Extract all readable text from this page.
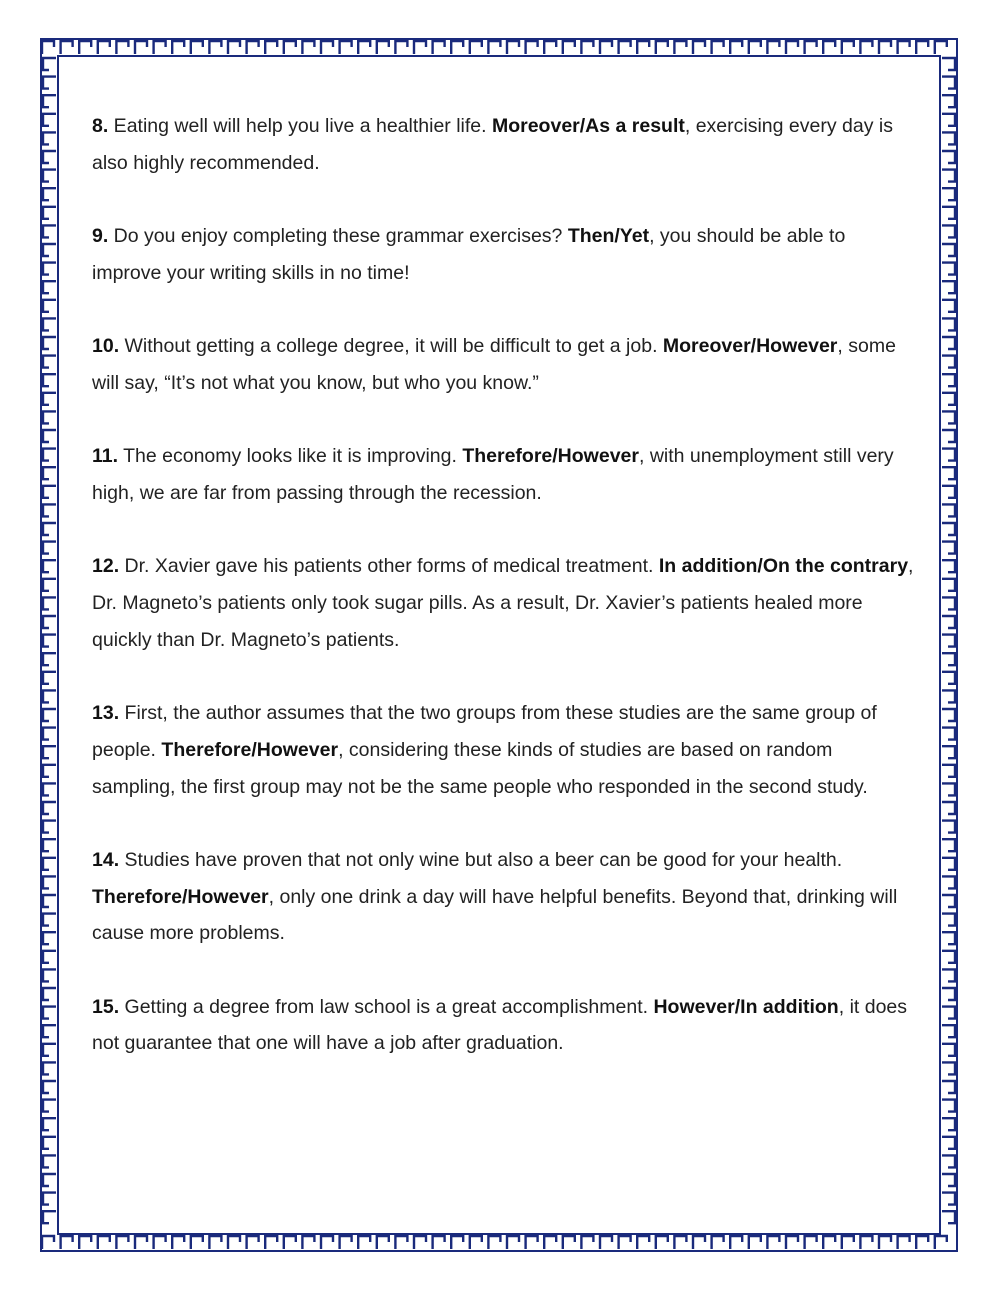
8. Eating well will help you live a healthier life. Moreover/As a result, exercising every day is also highly recommended.

9. Do you enjoy completing these grammar exercises? Then/Yet, you should be able to improve your writing skills in no time!

10. Without getting a college degree, it will be difficult to get a job. Moreover/However, some will say, “It’s not what you know, but who you know.”

11. The economy looks like it is improving. Therefore/However, with unemployment still very high, we are far from passing through the recession.

12. Dr. Xavier gave his patients other forms of medical treatment. In addition/On the contrary, Dr. Magneto’s patients only took sugar pills. As a result, Dr. Xavier’s patients healed more quickly than Dr. Magneto’s patients.

13. First, the author assumes that the two groups from these studies are the same group of people. Therefore/However, considering these kinds of studies are based on random sampling, the first group may not be the same people who responded in the second study.

14. Studies have proven that not only wine but also a beer can be good for your health. Therefore/However, only one drink a day will have helpful benefits. Beyond that, drinking will cause more problems.

15. Getting a degree from law school is a great accomplishment. However/In addition, it does not guarantee that one will have a job after graduation.
